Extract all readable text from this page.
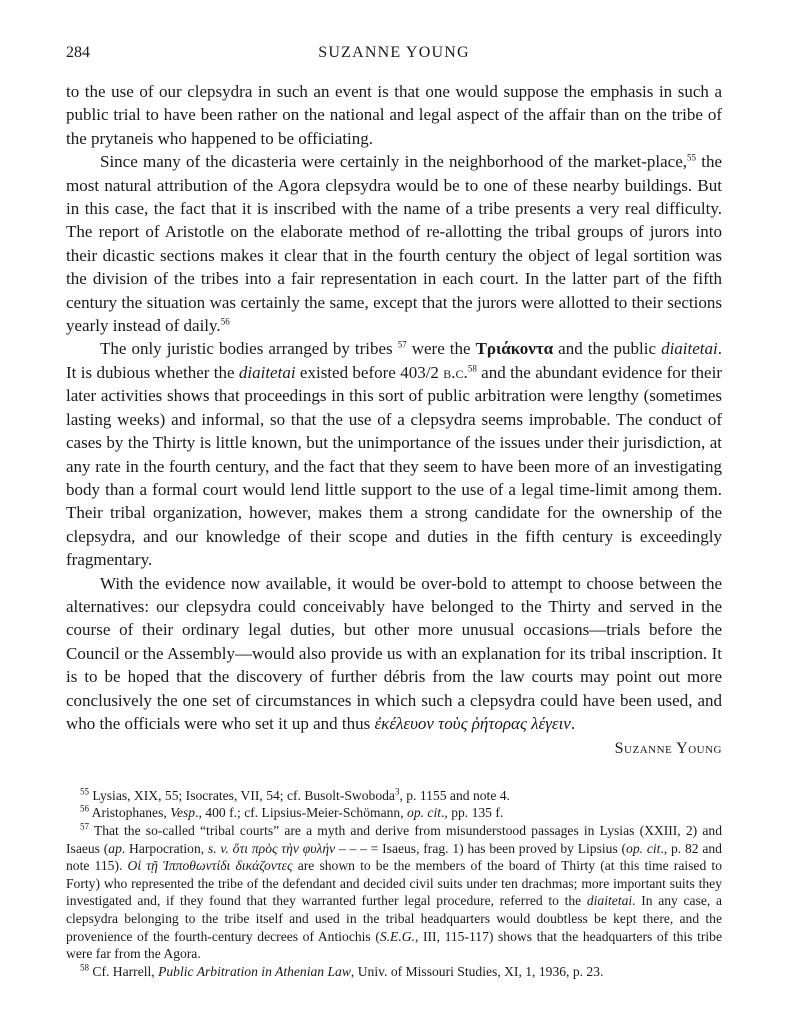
284	SUZANNE YOUNG

to the use of our clepsydra in such an event is that one would suppose the emphasis in such a public trial to have been rather on the national and legal aspect of the affair than on the tribe of the prytaneis who happened to be officiating.

Since many of the dicasteria were certainly in the neighborhood of the market-place,$^{55}$ the most natural attribution of the Agora clepsydra would be to one of these nearby buildings. But in this case, the fact that it is inscribed with the name of a tribe presents a very real difficulty. The report of Aristotle on the elaborate method of re-allotting the tribal groups of jurors into their dicastic sections makes it clear that in the fourth century the object of legal sortition was the division of the tribes into a fair representation in each court. In the latter part of the fifth century the situation was certainly the same, except that the jurors were allotted to their sections yearly instead of daily.$^{56}$

The only juristic bodies arranged by tribes $^{57}$ were the Τριάκοντα and the public diaitetai. It is dubious whether the diaitetai existed before 403/2 b.c.$^{58}$ and the abundant evidence for their later activities shows that proceedings in this sort of public arbitration were lengthy (sometimes lasting weeks) and informal, so that the use of a clepsydra seems improbable. The conduct of cases by the Thirty is little known, but the unimportance of the issues under their jurisdiction, at any rate in the fourth century, and the fact that they seem to have been more of an investigating body than a formal court would lend little support to the use of a legal time-limit among them. Their tribal organization, however, makes them a strong candidate for the ownership of the clepsydra, and our knowledge of their scope and duties in the fifth century is exceedingly fragmentary.

With the evidence now available, it would be over-bold to attempt to choose between the alternatives: our clepsydra could conceivably have belonged to the Thirty and served in the course of their ordinary legal duties, but other more unusual occasions—trials before the Council or the Assembly—would also provide us with an explanation for its tribal inscription. It is to be hoped that the discovery of further débris from the law courts may point out more conclusively the one set of circumstances in which such a clepsydra could have been used, and who the officials were who set it up and thus ἐκέλευον τοὺς ῥήτορας λέγειν.

Suzanne Young

$^{55}$ Lysias, XIX, 55; Isocrates, VII, 54; cf. Busolt-Swoboda$^3$, p. 1155 and note 4.

$^{56}$ Aristophanes, Vesp., 400 f.; cf. Lipsius-Meier-Schömann, op. cit., pp. 135 f.

$^{57}$ That the so-called “tribal courts” are a myth and derive from misunderstood passages in Lysias (XXIII, 2) and Isaeus (ap. Harpocration, s. v. ὅτι πρὸς τὴν φυλήν – – – = Isaeus, frag. 1) has been proved by Lipsius (op. cit., p. 82 and note 115). Οἱ τῇ Ἱπποθωντίδι δικάζοντες are shown to be the members of the board of Thirty (at this time raised to Forty) who represented the tribe of the defendant and decided civil suits under ten drachmas; more important suits they investigated and, if they found that they warranted further legal procedure, referred to the diaitetai. In any case, a clepsydra belonging to the tribe itself and used in the tribal headquarters would doubtless be kept there, and the provenience of the fourth-century decrees of Antiochis (S.E.G., III, 115-117) shows that the headquarters of this tribe were far from the Agora.

$^{58}$ Cf. Harrell, Public Arbitration in Athenian Law, Univ. of Missouri Studies, XI, 1, 1936, p. 23.
